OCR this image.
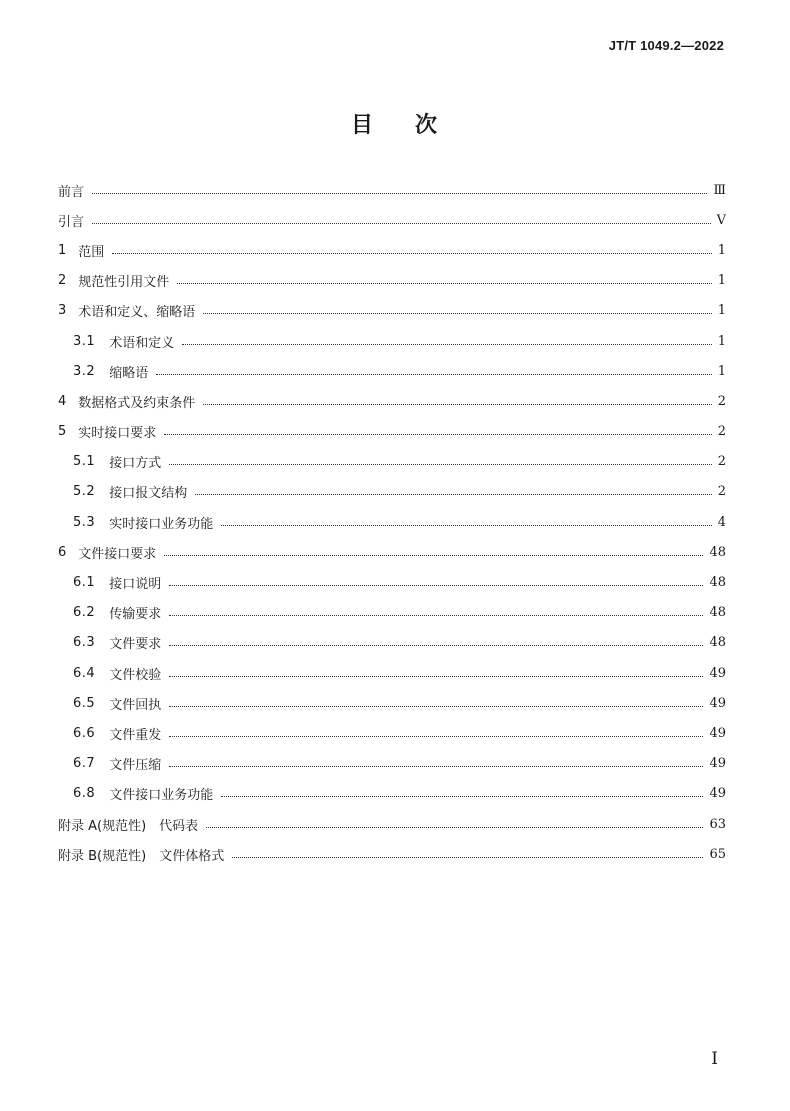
JT/T 1049.2—2022
目 次
前言	Ⅲ
引言	Ⅴ
1 范围	1
2 规范性引用文件	1
3 术语和定义、缩略语	1
3.1 术语和定义	1
3.2 缩略语	1
4 数据格式及约束条件	2
5 实时接口要求	2
5.1 接口方式	2
5.2 接口报文结构	2
5.3 实时接口业务功能	4
6 文件接口要求	48
6.1 接口说明	48
6.2 传输要求	48
6.3 文件要求	48
6.4 文件校验	49
6.5 文件回执	49
6.6 文件重发	49
6.7 文件压缩	49
6.8 文件接口业务功能	49
附录 A(规范性)　代码表	63
附录 B(规范性)　文件体格式	65
I
